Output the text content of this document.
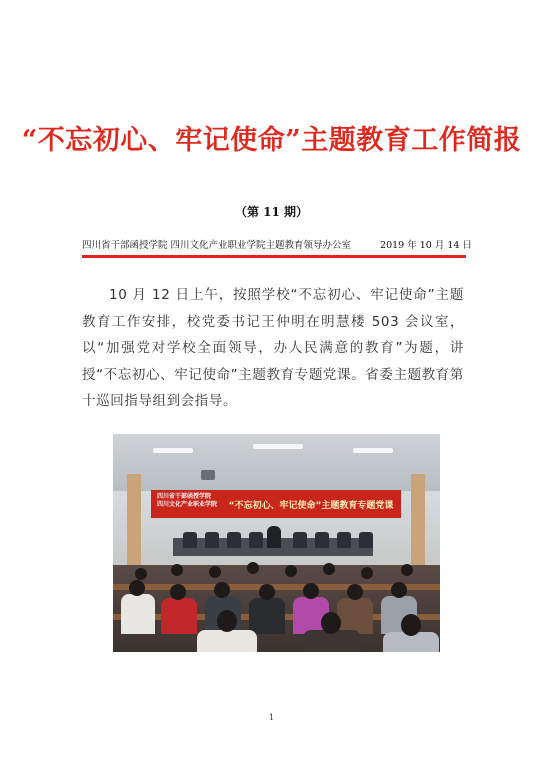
“不忘初心、牢记使命”主题教育工作简报
（第 11 期）
四川省干部函授学院 四川文化产业职业学院主题教育领导办公室	2019 年 10 月 14 日
10 月 12 日上午，按照学校“不忘初心、牢记使命”主题教育工作安排，校党委书记王仲明在明慧楼 503 会议室，以“加强党对学校全面领导，办人民满意的教育”为题，讲授“不忘初心、牢记使命”主题教育专题党课。省委主题教育第十巡回指导组到会指导。
四川省干部函授学院
四川文化产业职业学院	“不忘初心、牢记使命”主题教育专题党课
1
